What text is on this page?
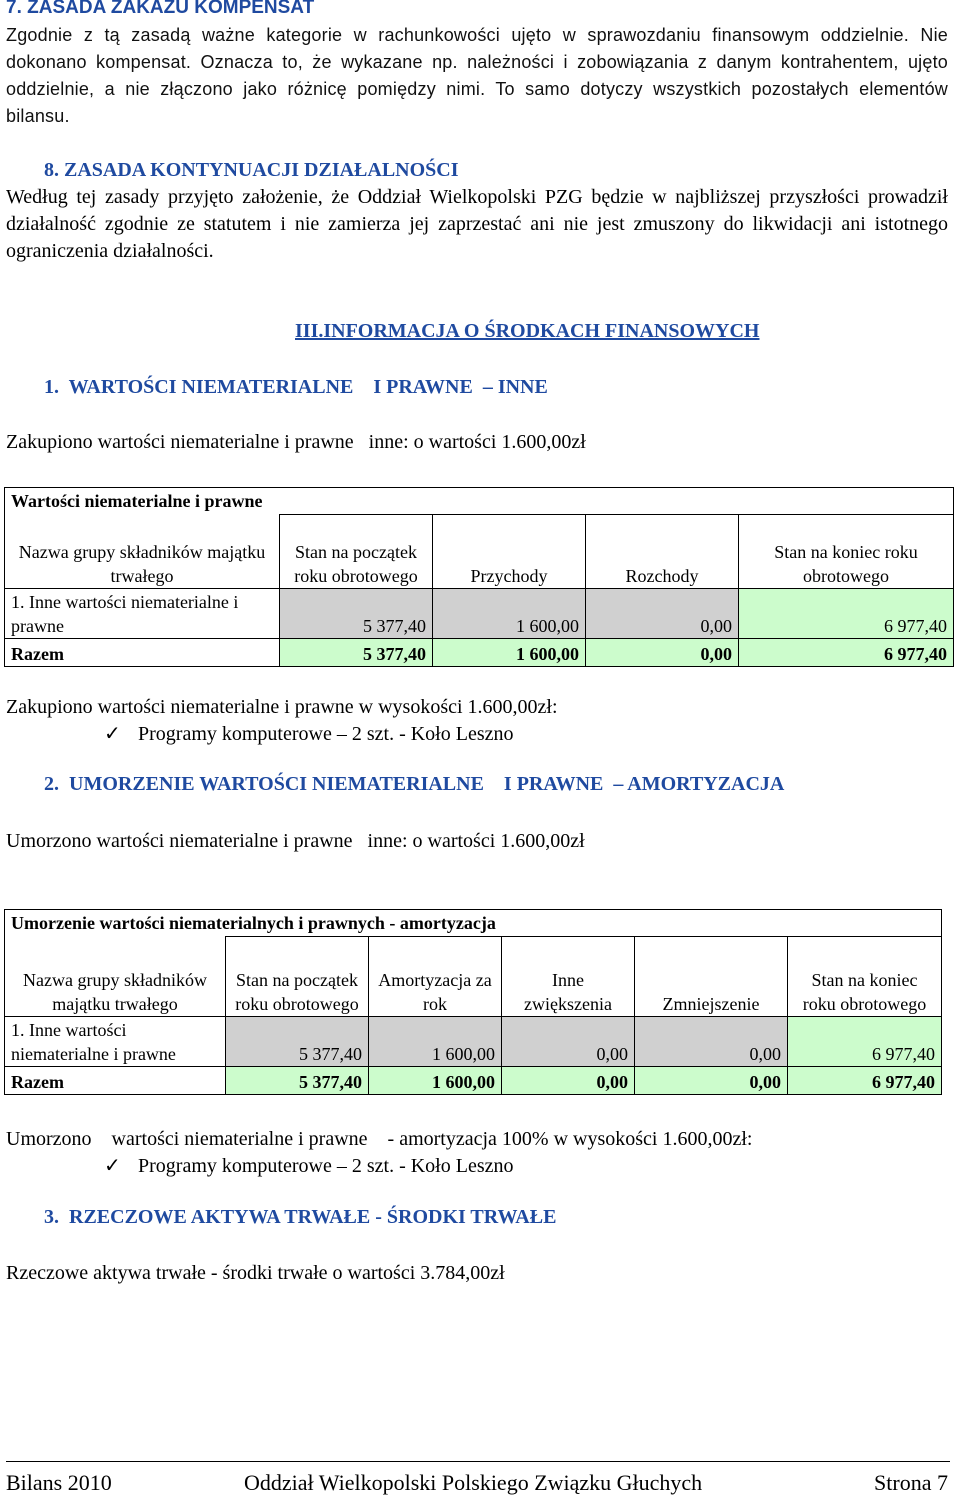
7. ZASADA ZAKAZU KOMPENSAT
Zgodnie z tą zasadą ważne kategorie w rachunkowości ujęto w sprawozdaniu finansowym oddzielnie. Nie dokonano kompensat. Oznacza to, że wykazane np. należności i zobowiązania z danym kontrahentem, ujęto oddzielnie, a nie złączono jako różnicę pomiędzy nimi. To samo dotyczy wszystkich pozostałych elementów bilansu.
8. ZASADA KONTYNUACJI DZIAŁALNOŚCI
Według tej zasady przyjęto założenie, że Oddział Wielkopolski PZG będzie w najbliższej przyszłości prowadził działalność zgodnie ze statutem i nie zamierza jej zaprzestać ani nie jest zmuszony do likwidacji ani istotnego ograniczenia działalności.
III.INFORMACJA O ŚRODKACH FINANSOWYCH
1.  WARTOŚCI NIEMATERIALNE    I PRAWNE  – INNE
Zakupiono wartości niematerialne i prawne   inne: o wartości 1.600,00zł
Wartości niematerialne i prawne				
Nazwa grupy składników majątku trwałego	Stan na początek roku obrotowego	Przychody	Rozchody	Stan na koniec roku obrotowego
1. Inne wartości niematerialne i prawne	5 377,40	1 600,00	0,00	6 977,40
Razem	5 377,40	1 600,00	0,00	6 977,40
Zakupiono wartości niematerialne i prawne w wysokości 1.600,00zł:
✓ Programy komputerowe – 2 szt. - Koło Leszno
2.  UMORZENIE WARTOŚCI NIEMATERIALNE    I PRAWNE  – AMORTYZACJA
Umorzono wartości niematerialne i prawne   inne: o wartości 1.600,00zł
Umorzenie wartości niematerialnych i prawnych - amortyzacja					
Nazwa grupy składników majątku trwałego	Stan na początek roku obrotowego	Amortyzacja za rok	Inne zwiększenia	Zmniejszenie	Stan na koniec roku obrotowego
1. Inne wartości niematerialne i prawne	5 377,40	1 600,00	0,00	0,00	6 977,40
Razem	5 377,40	1 600,00	0,00	0,00	6 977,40
Umorzono    wartości niematerialne i prawne    - amortyzacja 100% w wysokości 1.600,00zł:
✓ Programy komputerowe – 2 szt. - Koło Leszno
3.  RZECZOWE AKTYWA TRWAŁE - ŚRODKI TRWAŁE
Rzeczowe aktywa trwałe - środki trwałe o wartości 3.784,00zł
Bilans 2010	Oddział Wielkopolski Polskiego Związku Głuchych	Strona 7
